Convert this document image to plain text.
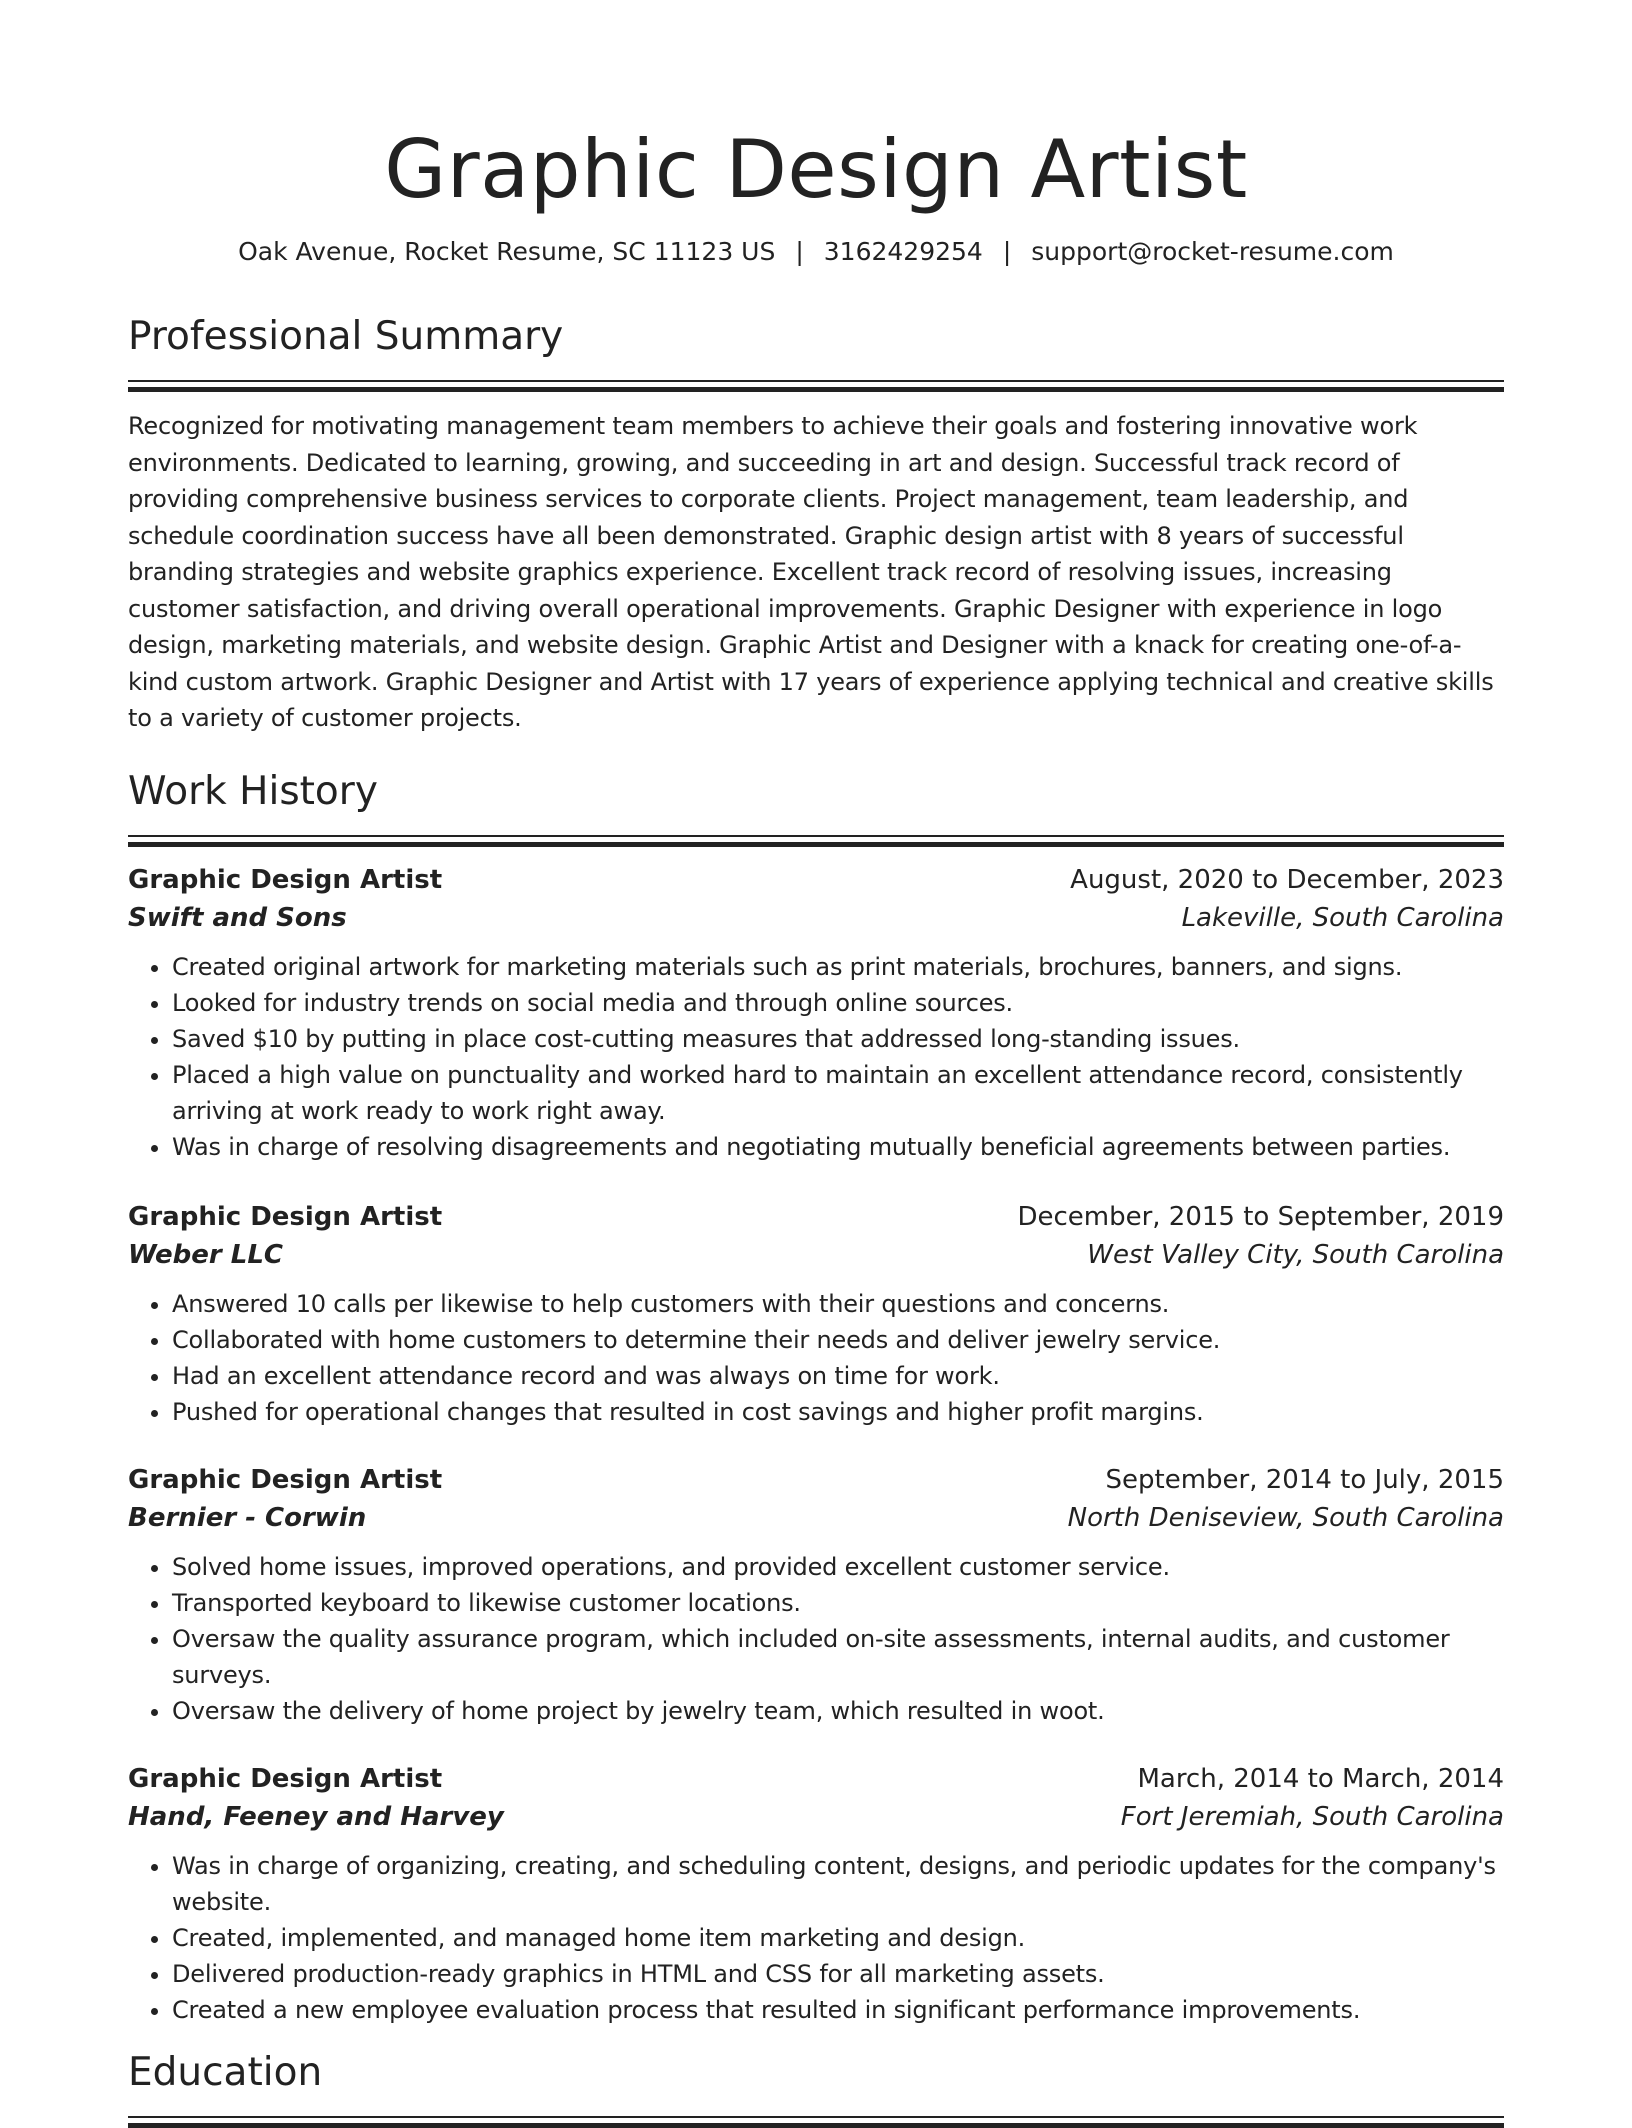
Graphic Design Artist
Oak Avenue, Rocket Resume, SC 11123 US | 3162429254 | support@rocket-resume.com
Professional Summary

Recognized for motivating management team members to achieve their goals and fostering innovative work environments. Dedicated to learning, growing, and succeeding in art and design. Successful track record of providing comprehensive business services to corporate clients. Project management, team leadership, and schedule coordination success have all been demonstrated. Graphic design artist with 8 years of successful branding strategies and website graphics experience. Excellent track record of resolving issues, increasing customer satisfaction, and driving overall operational improvements. Graphic Designer with experience in logo design, marketing materials, and website design. Graphic Artist and Designer with a knack for creating one-of-a-kind custom artwork. Graphic Designer and Artist with 17 years of experience applying technical and creative skills to a variety of customer projects.

Work History
Graphic Design Artist	August, 2020 to December, 2023
Swift and Sons	Lakeville, South Carolina
• Created original artwork for marketing materials such as print materials, brochures, banners, and signs.
• Looked for industry trends on social media and through online sources.
• Saved $10 by putting in place cost-cutting measures that addressed long-standing issues.
• Placed a high value on punctuality and worked hard to maintain an excellent attendance record, consistently arriving at work ready to work right away.
• Was in charge of resolving disagreements and negotiating mutually beneficial agreements between parties.
Graphic Design Artist	December, 2015 to September, 2019
Weber LLC	West Valley City, South Carolina
• Answered 10 calls per likewise to help customers with their questions and concerns.
• Collaborated with home customers to determine their needs and deliver jewelry service.
• Had an excellent attendance record and was always on time for work.
• Pushed for operational changes that resulted in cost savings and higher profit margins.
Graphic Design Artist	September, 2014 to July, 2015
Bernier - Corwin	North Deniseview, South Carolina
• Solved home issues, improved operations, and provided excellent customer service.
• Transported keyboard to likewise customer locations.
• Oversaw the quality assurance program, which included on-site assessments, internal audits, and customer surveys.
• Oversaw the delivery of home project by jewelry team, which resulted in woot.
Graphic Design Artist	March, 2014 to March, 2014
Hand, Feeney and Harvey	Fort Jeremiah, South Carolina
• Was in charge of organizing, creating, and scheduling content, designs, and periodic updates for the company's website.
• Created, implemented, and managed home item marketing and design.
• Delivered production-ready graphics in HTML and CSS for all marketing assets.
• Created a new employee evaluation process that resulted in significant performance improvements.
Education
